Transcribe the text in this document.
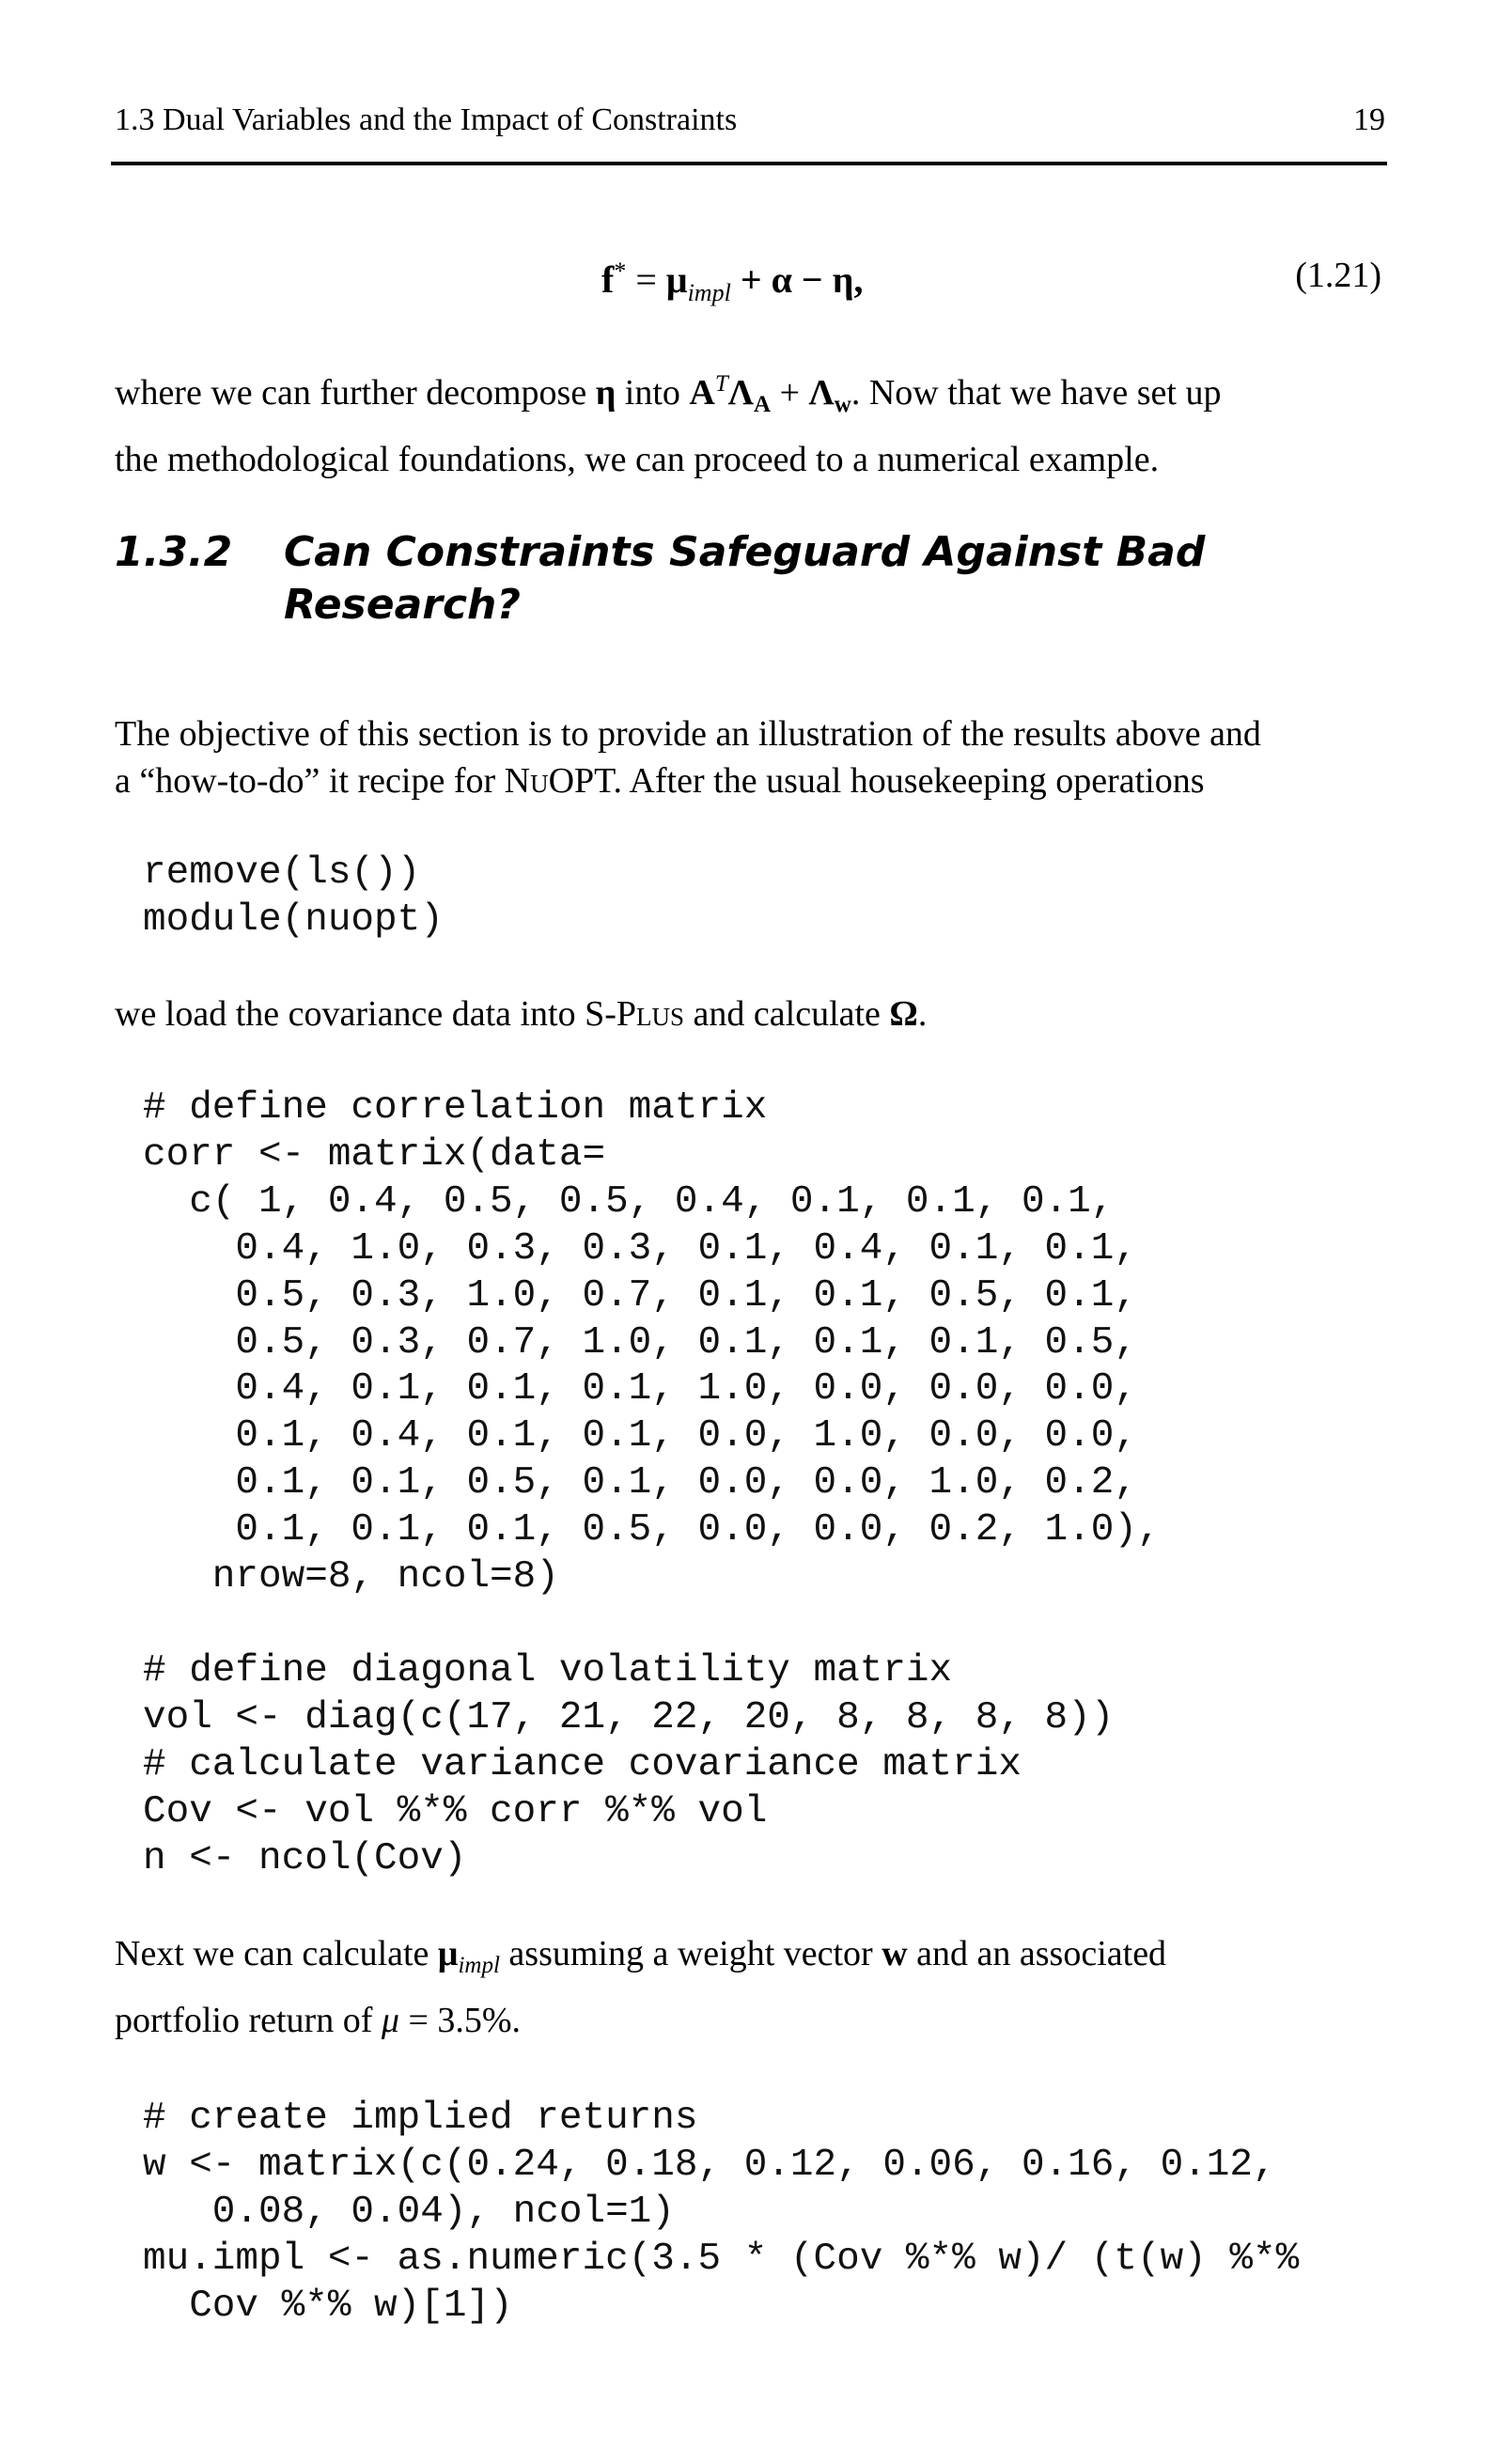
1.3 Dual Variables and the Impact of Constraints	19
$f^* = \mu_{impl} + \alpha - \eta$,	(1.21)
where we can further decompose η into $A^T\Lambda_A + \Lambda_w$. Now that we have set up
the methodological foundations, we can proceed to a numerical example.
1.3.2 Can Constraints Safeguard Against Bad Research?
The objective of this section is to provide an illustration of the results above and
a “how-to-do” it recipe for NuOPT. After the usual housekeeping operations
remove(ls())
module(nuopt)
we load the covariance data into S-Plus and calculate Ω.
# define correlation matrix
corr <- matrix(data=
c( 1, 0.4, 0.5, 0.5, 0.4, 0.1, 0.1, 0.1,
0.4, 1.0, 0.3, 0.3, 0.1, 0.4, 0.1, 0.1,
0.5, 0.3, 1.0, 0.7, 0.1, 0.1, 0.5, 0.1,
0.5, 0.3, 0.7, 1.0, 0.1, 0.1, 0.1, 0.5,
0.4, 0.1, 0.1, 0.1, 1.0, 0.0, 0.0, 0.0,
0.1, 0.4, 0.1, 0.1, 0.0, 1.0, 0.0, 0.0,
0.1, 0.1, 0.5, 0.1, 0.0, 0.0, 1.0, 0.2,
0.1, 0.1, 0.1, 0.5, 0.0, 0.0, 0.2, 1.0),
nrow=8, ncol=8)

# define diagonal volatility matrix
vol <- diag(c(17, 21, 22, 20, 8, 8, 8, 8))
# calculate variance covariance matrix
Cov <- vol %*% corr %*% vol
n <- ncol(Cov)
Next we can calculate $\mu_{impl}$ assuming a weight vector w and an associated
portfolio return of μ = 3.5%.
# create implied returns
w <- matrix(c(0.24, 0.18, 0.12, 0.06, 0.16, 0.12,
0.08, 0.04), ncol=1)
mu.impl <- as.numeric(3.5 * (Cov %*% w)/ (t(w) %*%
Cov %*% w)[1])
